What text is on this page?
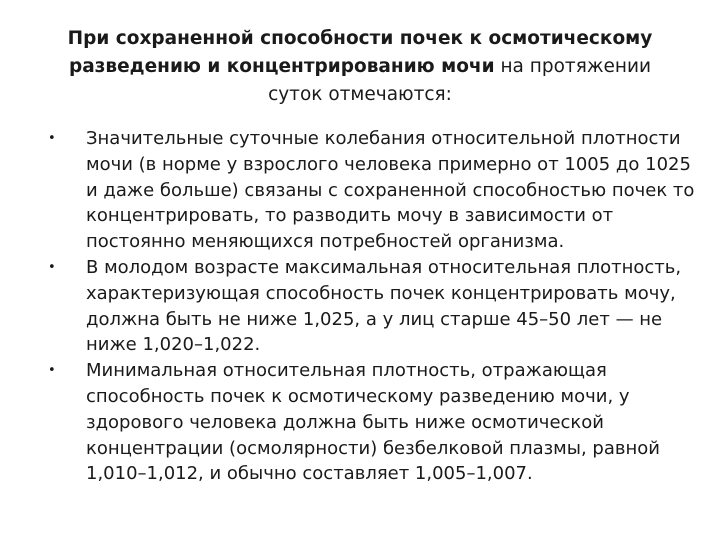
При сохраненной способности почек к осмотическому разведению и концентрированию мочи на протяжении суток отмечаются:
• Значительные суточные колебания относительной плотности мочи (в норме у взрослого человека примерно от 1005 до 1025 и даже больше) связаны с сохраненной способностью почек то концентрировать, то разводить мочу в зависимости от постоянно меняющихся потребностей организма.
• В молодом возрасте максимальная относительная плотность, характеризующая способность почек концентрировать мочу, должна быть не ниже 1,025, а у лиц старше 45–50 лет — не ниже 1,020–1,022.
• Минимальная относительная плотность, отражающая способность почек к осмотическому разведению мочи, у здорового человека должна быть ниже осмотической концентрации (осмолярности) безбелковой плазмы, равной 1,010–1,012, и обычно составляет 1,005–1,007.
